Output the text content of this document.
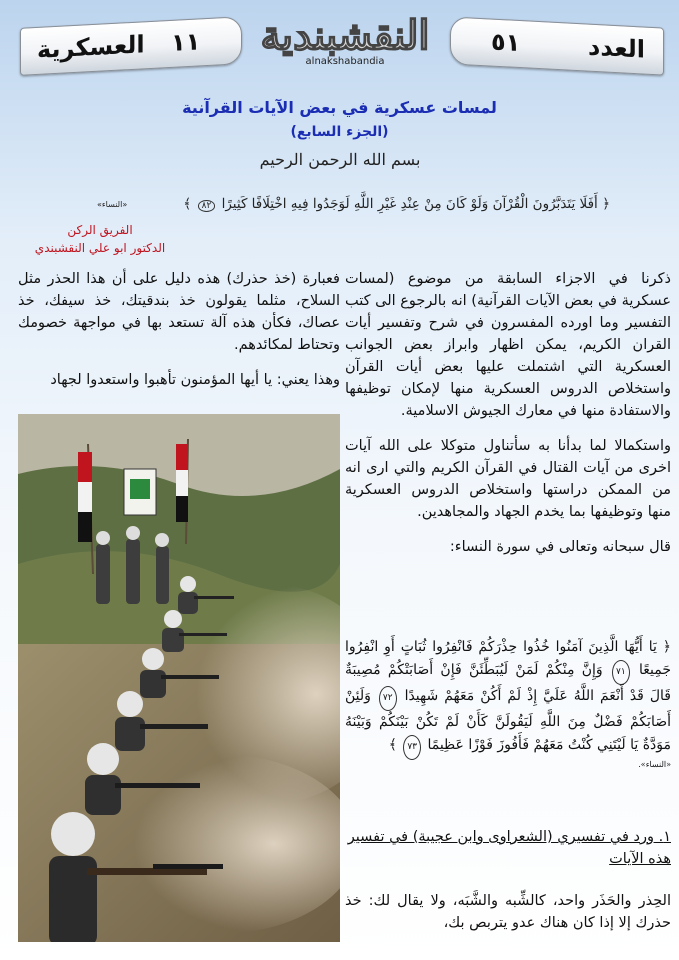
العسكرية ١١	العدد
٥١
النقشبندية
alnakshabandia
لمسات عسكرية في بعض الآيات القرآنية
(الجزء السابع)
بسم الله الرحمن الرحيم
﴿ أَفَلَا يَتَدَبَّرُونَ الْقُرْآنَ وَلَوْ كَانَ مِنْ عِنْدِ غَيْرِ اللَّهِ لَوَجَدُوا فِيهِ اخْتِلَافًا كَثِيرًا ٨٢ ﴾
«النساء»
الفريق الركن
الدكتور ابو علي النقشبندي

ذكرنا في الاجزاء السابقة من موضوع (لمسات عسكرية في بعض الآيات القرآنية) انه بالرجوع الى كتب التفسير وما اورده المفسرون في شرح وتفسير أيات القران الكريم، يمكن اظهار وابراز بعض الجوانب العسكرية التي اشتملت عليها بعض أيات القرآن واستخلاص الدروس العسكرية منها لإمكان توظيفها والاستفادة منها في معارك الجيوش الاسلامية.

واستكمالا لما بدأنا به سأتناول متوكلا على الله آيات اخرى من آيات القتال في القرآن الكريم والتي ارى انه من الممكن دراستها واستخلاص الدروس العسكرية منها وتوظيفها بما يخدم الجهاد والمجاهدين.

قال سبحانه وتعالى في سورة النساء:

﴿ يَا أَيُّهَا الَّذِينَ آمَنُوا خُذُوا حِذْرَكُمْ فَانْفِرُوا ثُبَاتٍ أَوِ انْفِرُوا جَمِيعًا ٧١ وَإِنَّ مِنْكُمْ لَمَنْ لَيُبَطِّئَنَّ فَإِنْ أَصَابَتْكُمْ مُصِيبَةٌ قَالَ قَدْ أَنْعَمَ اللَّهُ عَلَيَّ إِذْ لَمْ أَكُنْ مَعَهُمْ شَهِيدًا ٧٢ وَلَئِنْ أَصَابَكُمْ فَضْلٌ مِنَ اللَّهِ لَيَقُولَنَّ كَأَنْ لَمْ تَكُنْ بَيْنَكُمْ وَبَيْنَهُ مَوَدَّةٌ يَا لَيْتَنِي كُنْتُ مَعَهُمْ فَأَفُوزَ فَوْزًا عَظِيمًا ٧٣ ﴾
«النساء».
١. ورد في تفسيري (الشعراوى وابن عجيبة) في تفسير هذه الآيات
الحِذر والحَذَر واحد، كالشِّبه والشَّبَه، ولا يقال لك: خذ حذرك إلا إذا كان هناك عدو يتربص بك،

فعبارة (خذ حذرك) هذه دليل على أن هذا الحذر مثل السلاح، مثلما يقولون خذ بندقيتك، خذ سيفك، خذ عصاك، فكأن هذه آلة تستعد بها في مواجهة خصومك وتحتاط لمكائدهم.

وهذا يعني: يا أيها المؤمنون تأهبوا واستعدوا لجهاد
